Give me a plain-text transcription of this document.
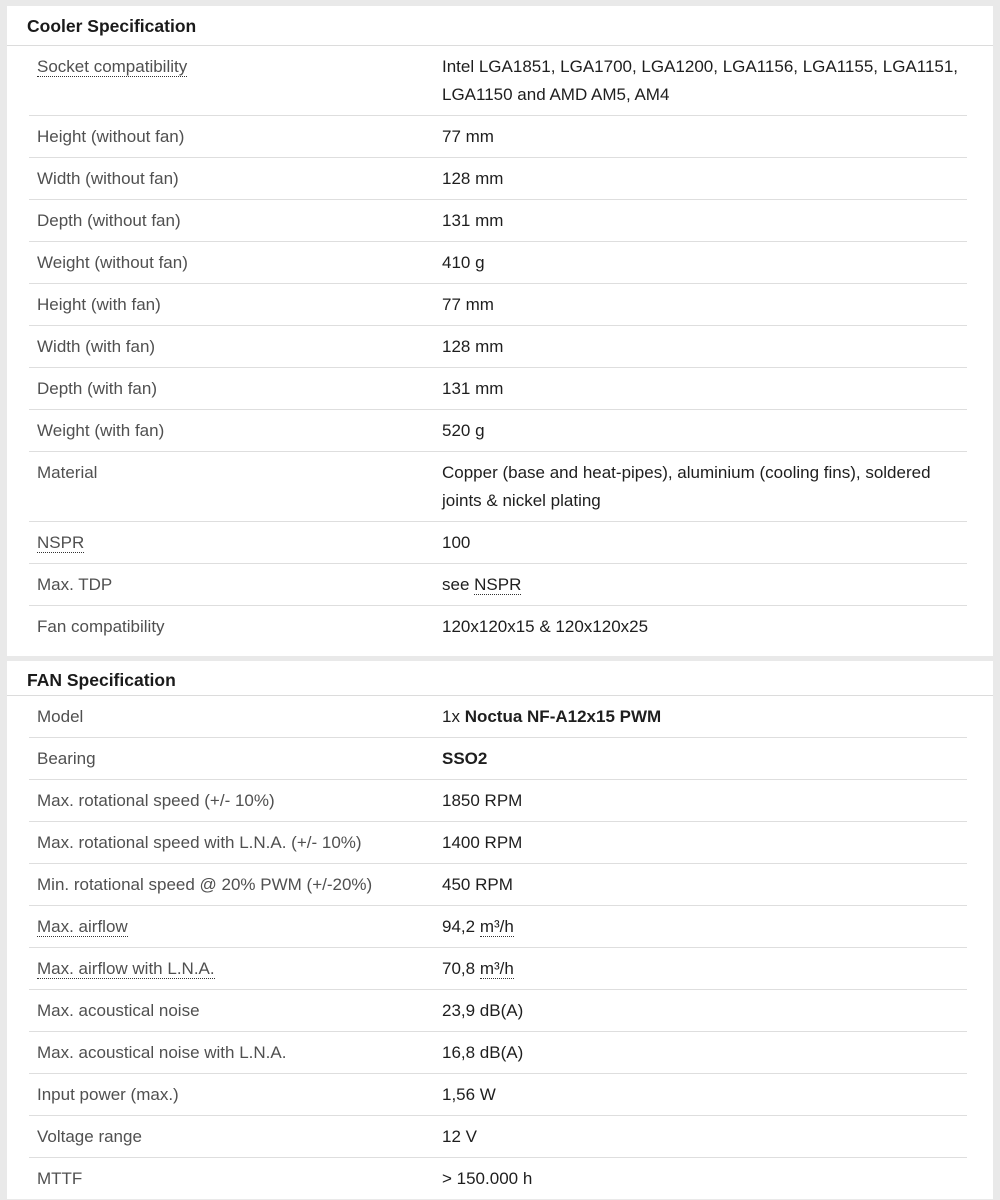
Cooler Specification
Socket compatibility	Intel LGA1851, LGA1700, LGA1200, LGA1156, LGA1155, LGA1151, LGA1150 and AMD AM5, AM4
Height (without fan)	77 mm
Width (without fan)	128 mm
Depth (without fan)	131 mm
Weight (without fan)	410 g
Height (with fan)	77 mm
Width (with fan)	128 mm
Depth (with fan)	131 mm
Weight (with fan)	520 g
Material	Copper (base and heat-pipes), aluminium (cooling fins), soldered joints & nickel plating
NSPR	100
Max. TDP	see NSPR
Fan compatibility	120x120x15 & 120x120x25
FAN Specification
Model	1x Noctua NF-A12x15 PWM
Bearing	SSO2
Max. rotational speed (+/- 10%)	1850 RPM
Max. rotational speed with L.N.A. (+/- 10%)	1400 RPM
Min. rotational speed @ 20% PWM (+/-20%)	450 RPM
Max. airflow	94,2 m³/h
Max. airflow with L.N.A.	70,8 m³/h
Max. acoustical noise	23,9 dB(A)
Max. acoustical noise with L.N.A.	16,8 dB(A)
Input power (max.)	1,56 W
Voltage range	12 V
MTTF	> 150.000 h
